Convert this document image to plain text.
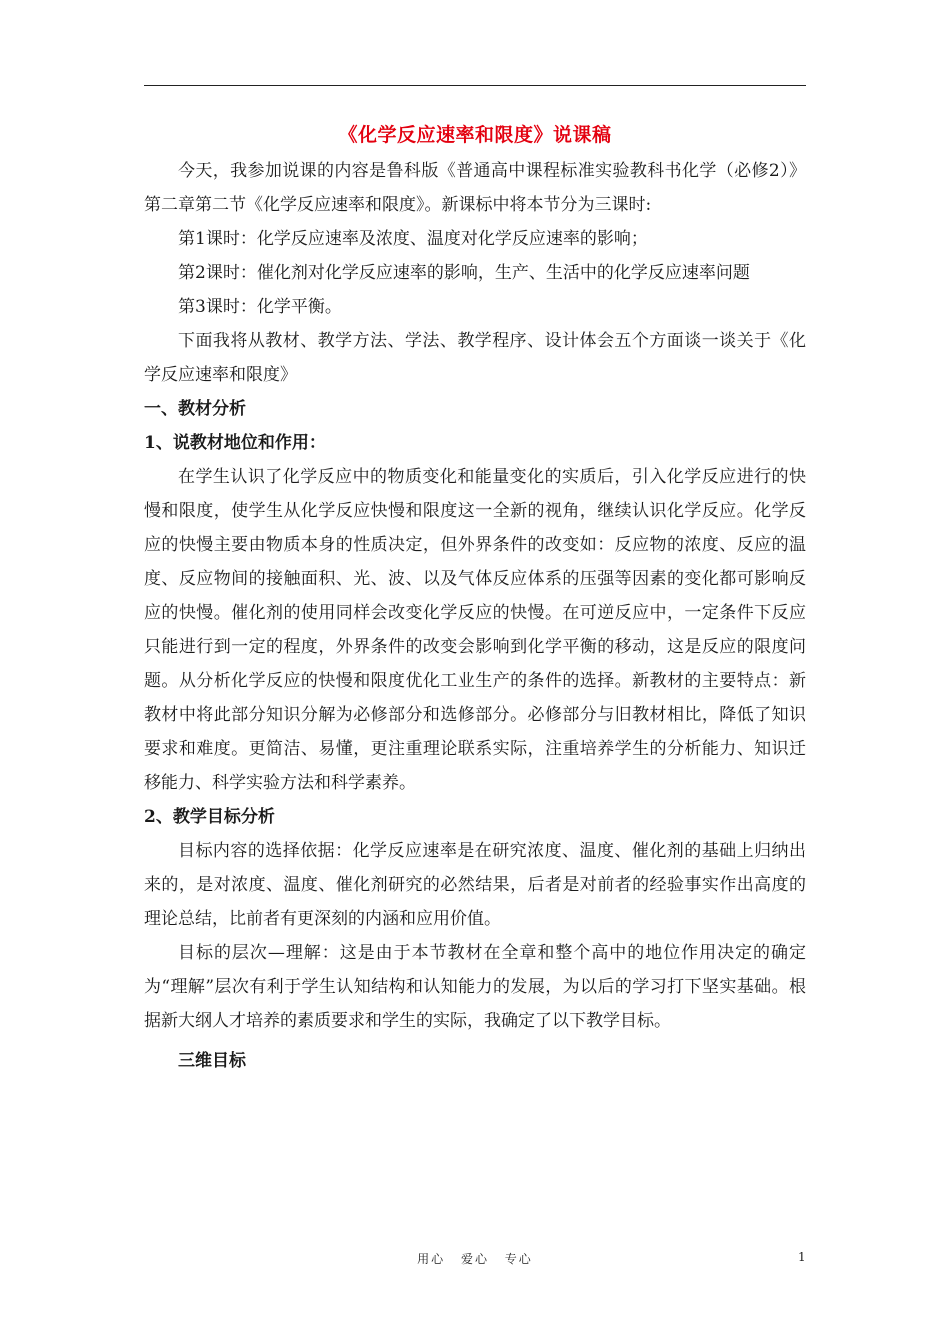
《化学反应速率和限度》说课稿

今天，我参加说课的内容是鲁科版《普通高中课程标准实验教科书化学（必修2）》第二章第二节《化学反应速率和限度》。新课标中将本节分为三课时:

第1课时：化学反应速率及浓度、温度对化学反应速率的影响；

第2课时：催化剂对化学反应速率的影响，生产、生活中的化学反应速率问题

第3课时：化学平衡。

下面我将从教材、教学方法、学法、教学程序、设计体会五个方面谈一谈关于《化学反应速率和限度》

一、教材分析
1、说教材地位和作用：

在学生认识了化学反应中的物质变化和能量变化的实质后，引入化学反应进行的快慢和限度，使学生从化学反应快慢和限度这一全新的视角，继续认识化学反应。化学反应的快慢主要由物质本身的性质决定，但外界条件的改变如：反应物的浓度、反应的温度、反应物间的接触面积、光、波、以及气体反应体系的压强等因素的变化都可影响反应的快慢。催化剂的使用同样会改变化学反应的快慢。在可逆反应中，一定条件下反应只能进行到一定的程度，外界条件的改变会影响到化学平衡的移动，这是反应的限度问题。从分析化学反应的快慢和限度优化工业生产的条件的选择。新教材的主要特点：新教材中将此部分知识分解为必修部分和选修部分。必修部分与旧教材相比，降低了知识要求和难度。更简洁、易懂，更注重理论联系实际，注重培养学生的分析能力、知识迁移能力、科学实验方法和科学素养。

2、教学目标分析

目标内容的选择依据：化学反应速率是在研究浓度、温度、催化剂的基础上归纳出来的，是对浓度、温度、催化剂研究的必然结果，后者是对前者的经验事实作出高度的理论总结，比前者有更深刻的内涵和应用价值。

目标的层次—理解：这是由于本节教材在全章和整个高中的地位作用决定的确定为“理解”层次有利于学生认知结构和认知能力的发展，为以后的学习打下坚实基础。根据新大纲人才培养的素质要求和学生的实际，我确定了以下教学目标。

三维目标
用心 爱心 专心	1
